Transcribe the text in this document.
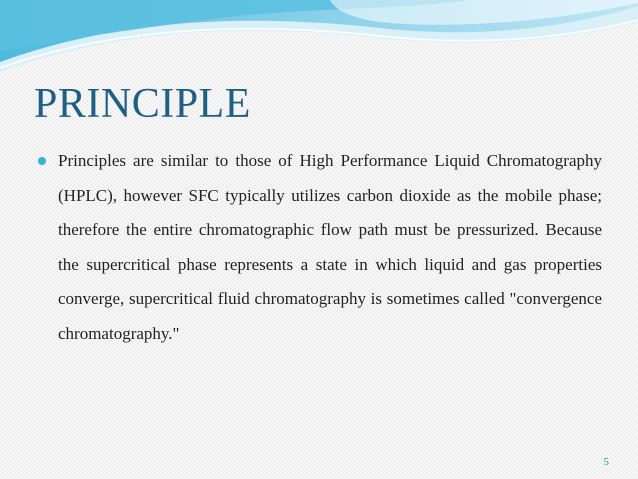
PRINCIPLE
Principles are similar to those of High Performance Liquid Chromatography (HPLC), however SFC typically utilizes carbon dioxide as the mobile phase; therefore the entire chromatographic flow path must be pressurized. Because the supercritical phase represents a state in which liquid and gas properties converge, supercritical fluid chromatography is sometimes called "convergence chromatography."
5
